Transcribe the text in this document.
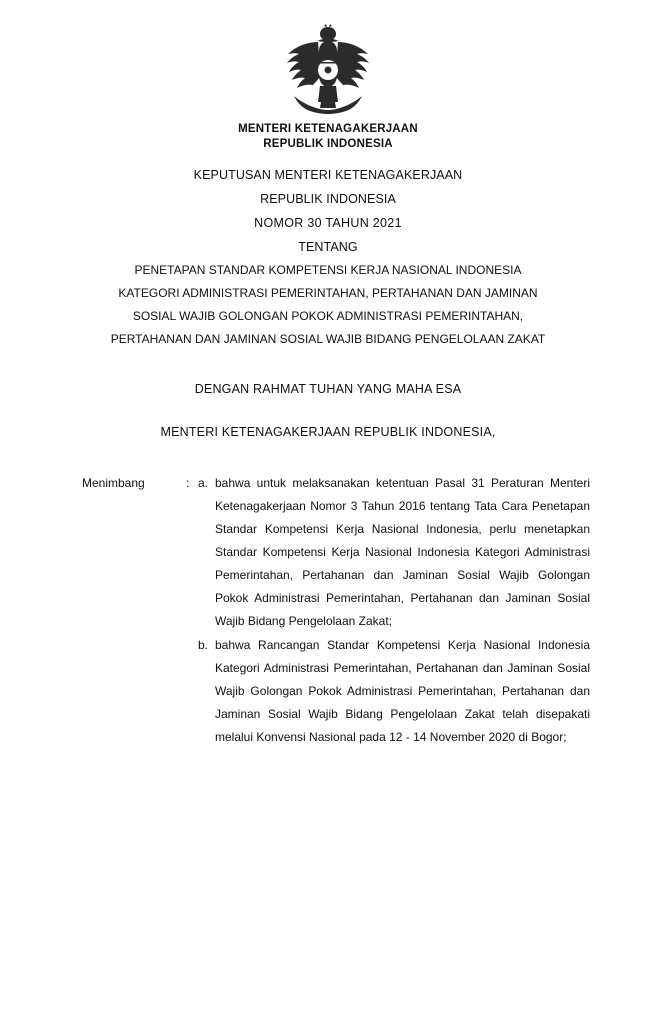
MENTERI KETENAGAKERJAAN
REPUBLIK INDONESIA
KEPUTUSAN MENTERI KETENAGAKERJAAN
REPUBLIK INDONESIA
NOMOR 30 TAHUN 2021
TENTANG
PENETAPAN STANDAR KOMPETENSI KERJA NASIONAL INDONESIA
KATEGORI ADMINISTRASI PEMERINTAHAN, PERTAHANAN DAN JAMINAN
SOSIAL WAJIB GOLONGAN POKOK ADMINISTRASI PEMERINTAHAN,
PERTAHANAN DAN JAMINAN SOSIAL WAJIB BIDANG PENGELOLAAN ZAKAT
DENGAN RAHMAT TUHAN YANG MAHA ESA
MENTERI KETENAGAKERJAAN REPUBLIK INDONESIA,
Menimbang	: a. bahwa untuk melaksanakan ketentuan Pasal 31 Peraturan Menteri Ketenagakerjaan Nomor 3 Tahun 2016 tentang Tata Cara Penetapan Standar Kompetensi Kerja Nasional Indonesia, perlu menetapkan Standar Kompetensi Kerja Nasional Indonesia Kategori Administrasi Pemerintahan, Pertahanan dan Jaminan Sosial Wajib Golongan Pokok Administrasi Pemerintahan, Pertahanan dan Jaminan Sosial Wajib Bidang Pengelolaan Zakat;
b. bahwa Rancangan Standar Kompetensi Kerja Nasional Indonesia Kategori Administrasi Pemerintahan, Pertahanan dan Jaminan Sosial Wajib Golongan Pokok Administrasi Pemerintahan, Pertahanan dan Jaminan Sosial Wajib Bidang Pengelolaan Zakat telah disepakati melalui Konvensi Nasional pada 12 - 14 November 2020 di Bogor;
